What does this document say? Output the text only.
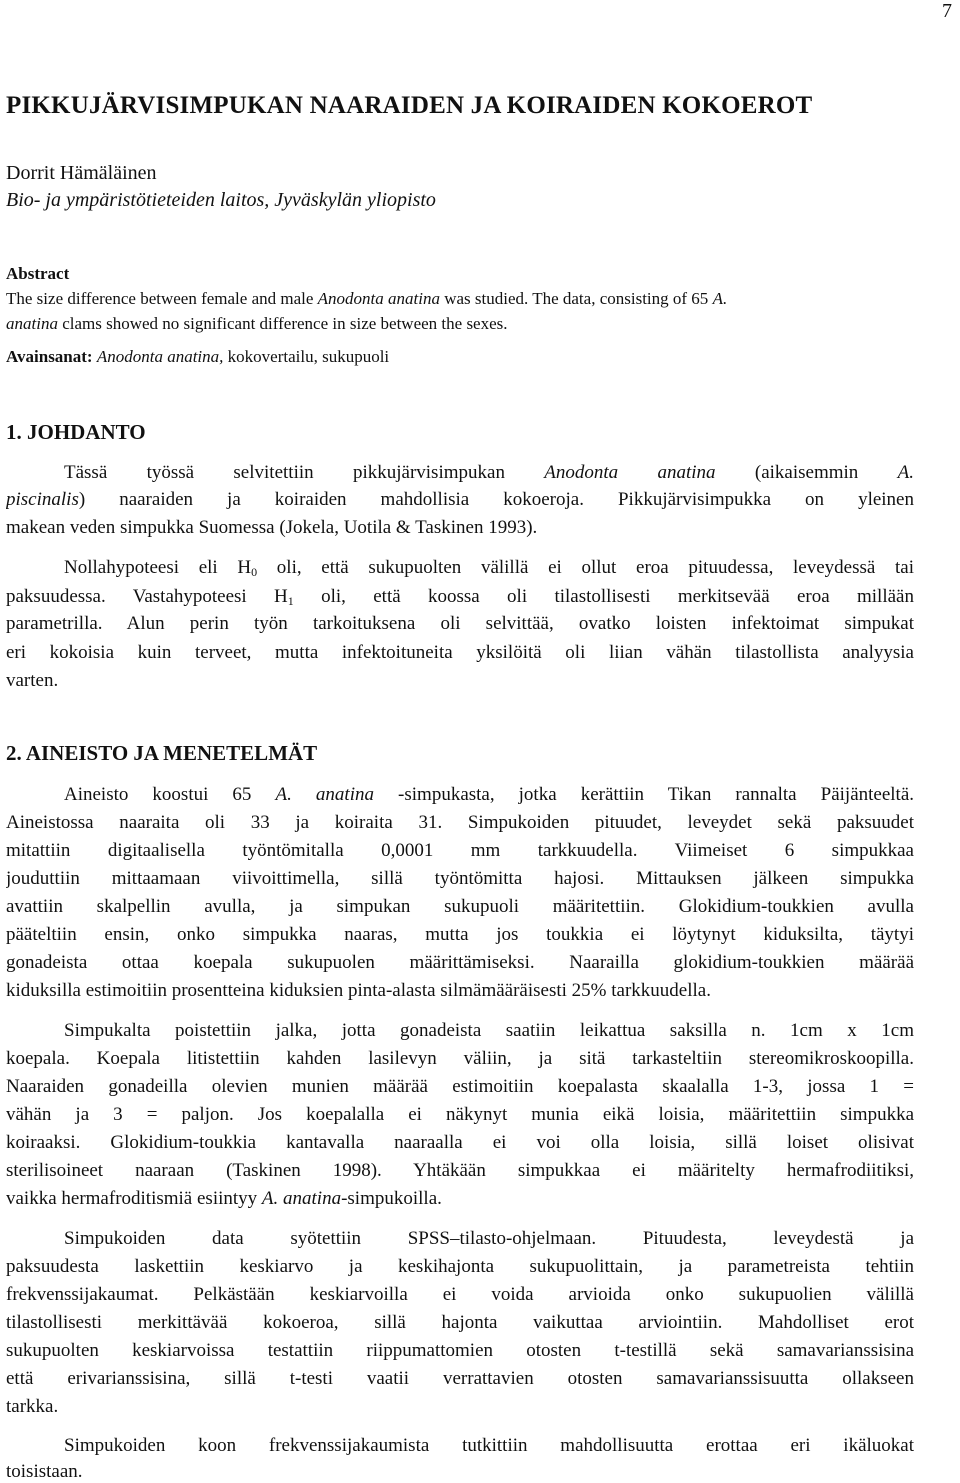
7
PIKKUJÄRVISIMPUKAN NAARAIDEN JA KOIRAIDEN KOKOEROT
Dorrit Hämäläinen
Bio- ja ympäristötieteiden laitos, Jyväskylän yliopisto
Abstract
The size difference between female and male Anodonta anatina was studied. The data, consisting of 65 A.
anatina clams showed no significant difference in size between the sexes.
Avainsanat: Anodonta anatina, kokovertailu, sukupuoli
1. JOHDANTO
Tässä työssä selvitettiin pikkujärvisimpukan Anodonta anatina (aikaisemmin A.
piscinalis) naaraiden ja koiraiden mahdollisia kokoeroja. Pikkujärvisimpukka on yleinen
makean veden simpukka Suomessa (Jokela, Uotila & Taskinen 1993).
Nollahypoteesi eli $H_0$ oli, että sukupuolten välillä ei ollut eroa pituudessa, leveydessä tai
paksuudessa. Vastahypoteesi $H_1$ oli, että koossa oli tilastollisesti merkitsevää eroa millään
parametrilla. Alun perin työn tarkoituksena oli selvittää, ovatko loisten infektoimat simpukat
eri kokoisia kuin terveet, mutta infektoituneita yksilöitä oli liian vähän tilastollista analyysia
varten.
2. AINEISTO JA MENETELMÄT
Aineisto koostui 65 A. anatina -simpukasta, jotka kerättiin Tikan rannalta Päijänteeltä.
Aineistossa naaraita oli 33 ja koiraita 31. Simpukoiden pituudet, leveydet sekä paksuudet
mitattiin digitaalisella työntömitalla 0,0001 mm tarkkuudella. Viimeiset 6 simpukkaa
jouduttiin mittaamaan viivoittimella, sillä työntömitta hajosi. Mittauksen jälkeen simpukka
avattiin skalpellin avulla, ja simpukan sukupuoli määritettiin. Glokidium-toukkien avulla
pääteltiin ensin, onko simpukka naaras, mutta jos toukkia ei löytynyt kiduksilta, täytyi
gonadeista ottaa koepala sukupuolen määrittämiseksi. Naarailla glokidium-toukkien määrää
kiduksilla estimoitiin prosentteina kiduksien pinta-alasta silmämääräisesti 25% tarkkuudella.
Simpukalta poistettiin jalka, jotta gonadeista saatiin leikattua saksilla n. 1cm x 1cm
koepala. Koepala litistettiin kahden lasilevyn väliin, ja sitä tarkasteltiin stereomikroskoopilla.
Naaraiden gonadeilla olevien munien määrää estimoitiin koepalasta skaalalla 1-3, jossa 1 =
vähän ja 3 = paljon. Jos koepalalla ei näkynyt munia eikä loisia, määritettiin simpukka
koiraaksi. Glokidium-toukkia kantavalla naaraalla ei voi olla loisia, sillä loiset olisivat
sterilisoineet naaraan (Taskinen 1998). Yhtäkään simpukkaa ei määritelty hermafrodiitiksi,
vaikka hermafroditismiä esiintyy A. anatina-simpukoilla.
Simpukoiden data syötettiin SPSS–tilasto-ohjelmaan. Pituudesta, leveydestä ja
paksuudesta laskettiin keskiarvo ja keskihajonta sukupuolittain, ja parametreista tehtiin
frekvenssijakaumat. Pelkästään keskiarvoilla ei voida arvioida onko sukupuolien välillä
tilastollisesti merkittävää kokoeroa, sillä hajonta vaikuttaa arviointiin. Mahdolliset erot
sukupuolten keskiarvoissa testattiin riippumattomien otosten t-testillä sekä samavarianssisina
että erivarianssisina, sillä t-testi vaatii verrattavien otosten samavarianssisuutta ollakseen
tarkka.
Simpukoiden koon frekvenssijakaumista tutkittiin mahdollisuutta erottaa eri ikäluokat
toisistaan.
